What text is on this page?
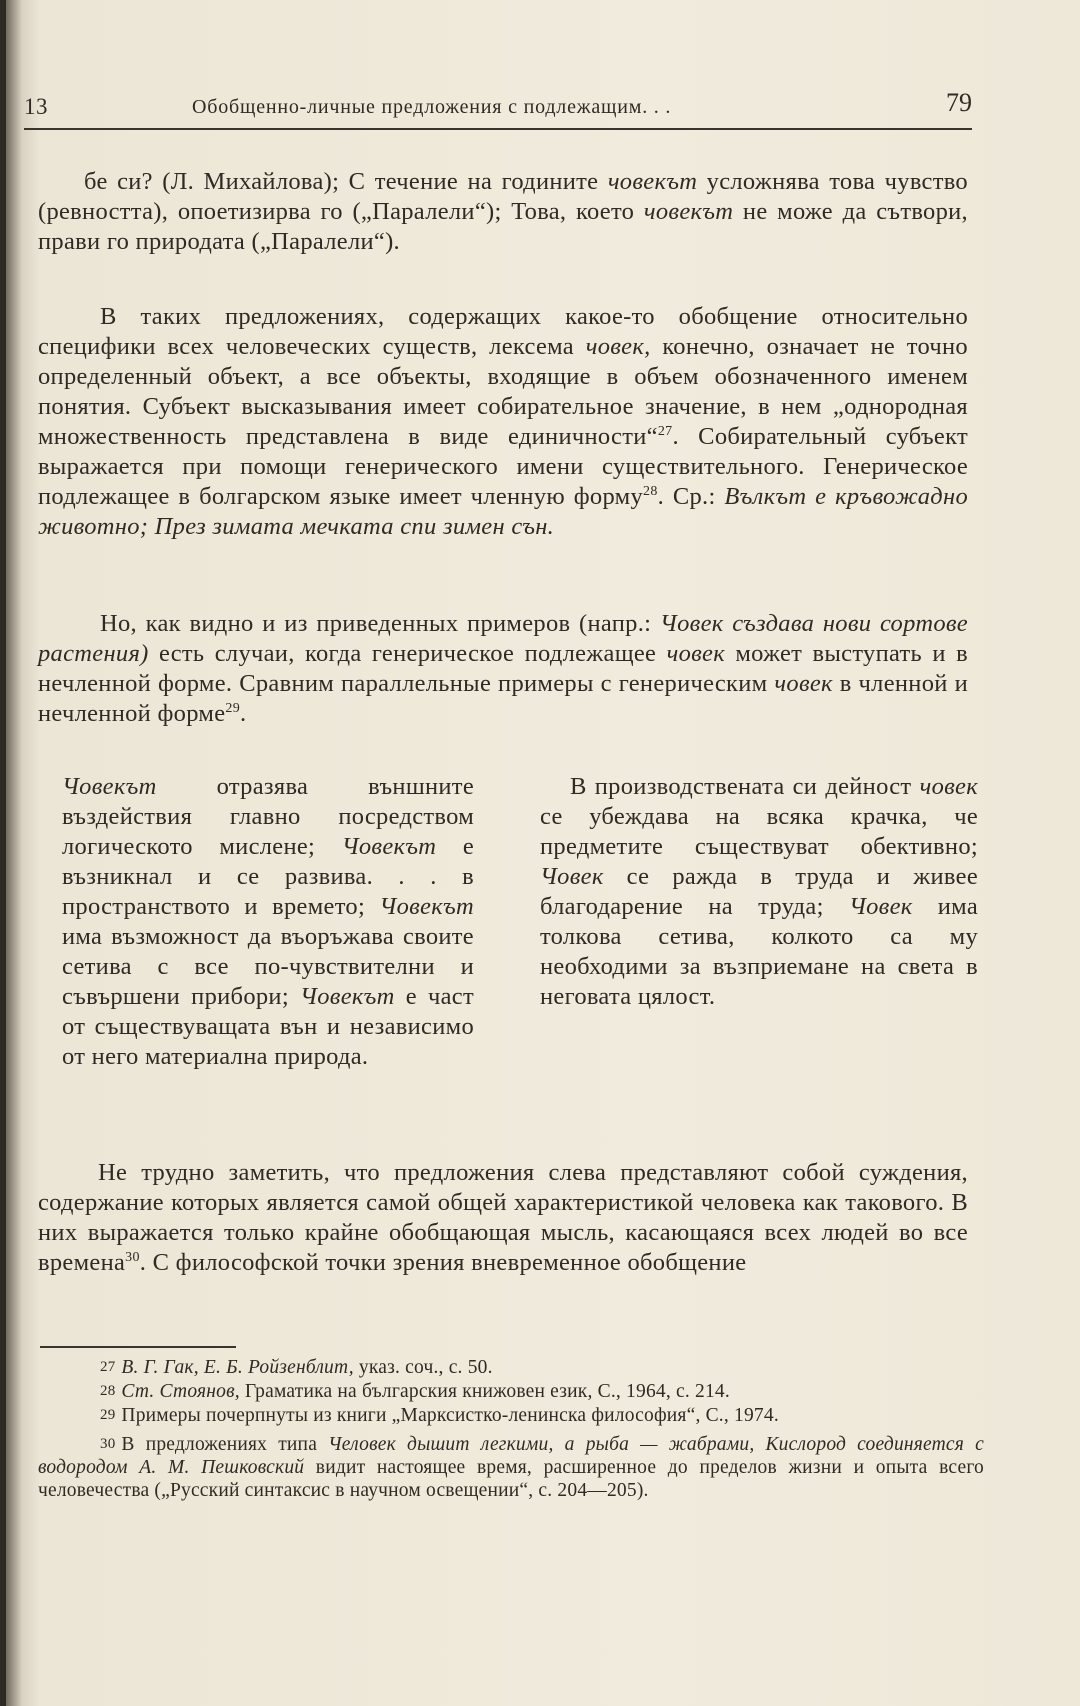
13	Обобщенно-личные предложения с подлежащим. . .	79

бе си? (Л. Михайлова); С течение на годините човекът усложнява това чувство (ревността), опоетизирва го („Паралели“); Това, което човекът не може да сътвори, прави го природата („Паралели“).

В таких предложениях, содержащих какое-то обобщение относительно специфики всех человеческих существ, лексема човек, конечно, означает не точно определенный объект, а все объекты, входящие в объем обозначенного именем понятия. Субъект высказывания имеет собирательное значение, в нем „однородная множественность представлена в виде единичности“$^{27}$. Собирательный субъект выражается при помощи генерического имени существительного. Генерическое подлежащее в болгарском языке имеет членную форму$^{28}$. Ср.: Вълкът е кръвожадно животно; През зимата мечката спи зимен сън.

Но, как видно и из приведенных примеров (напр.: Човек създава нови сортове растения) есть случаи, когда генерическое подлежащее човек может выступать и в нечленной форме. Сравним параллельные примеры с генерическим човек в членной и нечленной форме$^{29}$.

Човекът отразява външните въздействия главно посредством логическото мислене; Човекът е възникнал и се развива. . . в пространството и времето; Човекът има възможност да въоръжава своите сетива с все по-чувствителни и съвършени прибори; Човекът е част от съществуващата вън и независимо от него материална природа.

В производствената си дейност човек се убеждава на всяка крачка, че предметите съществуват обективно; Човек се ражда в труда и живее благодарение на труда; Човек има толкова сетива, колкото са му необходими за възприемане на света в неговата цялост.

Не трудно заметить, что предложения слева представляют собой суждения, содержание которых является самой общей характеристикой человека как такового. В них выражается только крайне обобщающая мысль, касающаяся всех людей во все времена$^{30}$. С философской точки зрения вневременное обобщение

27 В. Г. Гак, Е. Б. Ройзенблит, указ. соч., с. 50.

28 Ст. Стоянов, Граматика на българския книжовен език, С., 1964, с. 214.

29 Примеры почерпнуты из книги „Марксистко-ленинска философия“, С., 1974.

30 В предложениях типа Человек дышит легкими, а рыба — жабрами, Кислород соединяется с водородом А. М. Пешковский видит настоящее время, расширенное до пределов жизни и опыта всего человечества („Русский синтаксис в научном освещении“, с. 204—205).
